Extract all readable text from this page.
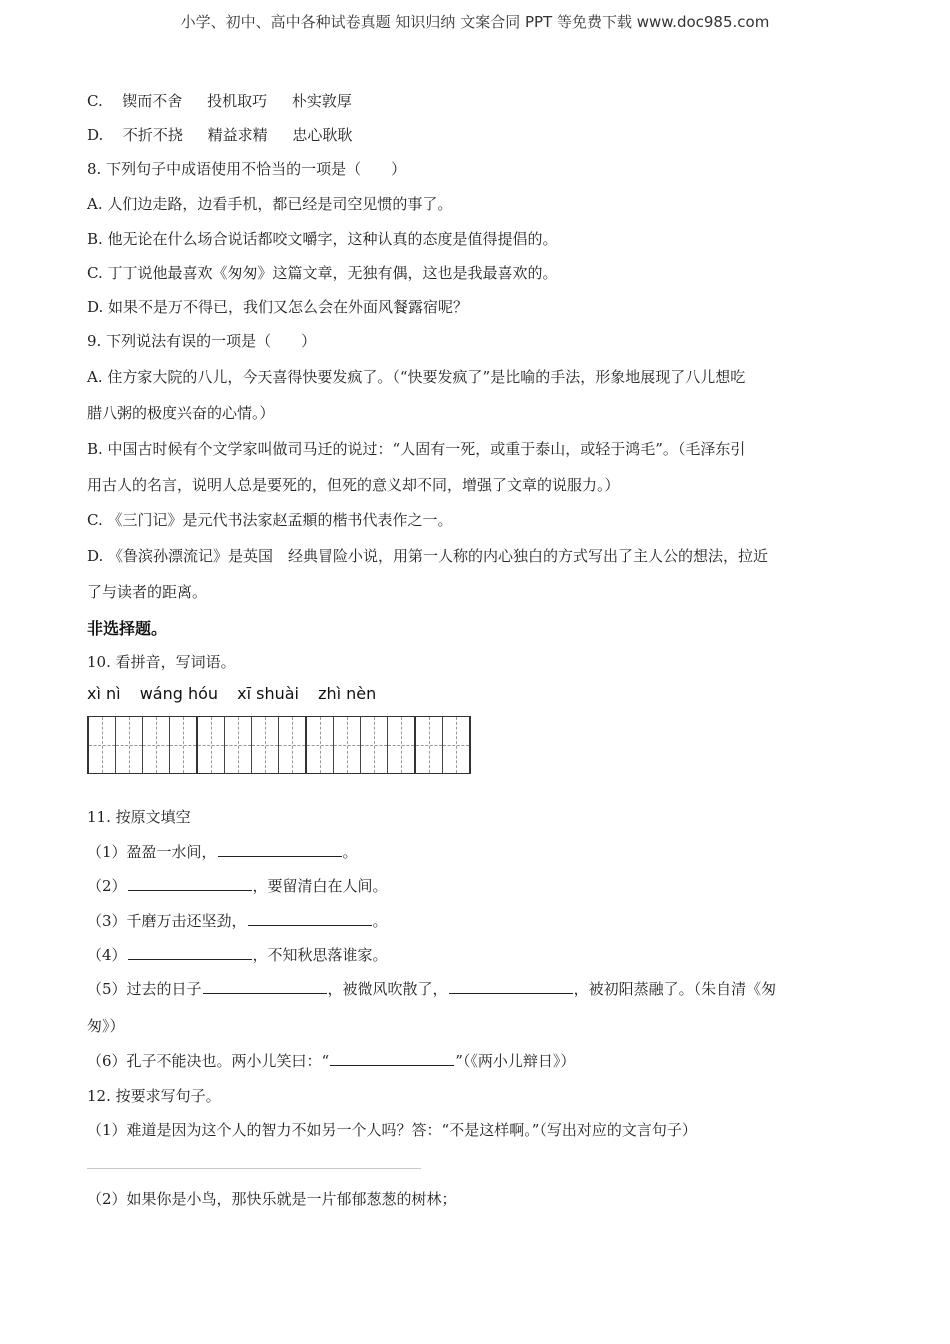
小学、初中、高中各种试卷真题 知识归纳 文案合同 PPT 等免费下载 www.doc985.com
C. 锲而不舍 投机取巧 朴实敦厚
D. 不折不挠 精益求精 忠心耿耿
8. 下列句子中成语使用不恰当的一项是（　　）
A. 人们边走路，边看手机，都已经是司空见惯的事了。
B. 他无论在什么场合说话都咬文嚼字，这种认真的态度是值得提倡的。
C. 丁丁说他最喜欢《匆匆》这篇文章，无独有偶，这也是我最喜欢的。
D. 如果不是万不得已，我们又怎么会在外面风餐露宿呢？
9. 下列说法有误的一项是（　　）
A. 住方家大院的八儿，今天喜得快要发疯了。（“快要发疯了”是比喻的手法，形象地展现了八儿想吃
腊八粥的极度兴奋的心情。）
B. 中国古时候有个文学家叫做司马迁的说过：“人固有一死，或重于泰山，或轻于鸿毛”。（毛泽东引
用古人的名言，说明人总是要死的，但死的意义却不同，增强了文章的说服力。）
C. 《三门记》是元代书法家赵孟頫的楷书代表作之一。
D. 《鲁滨孙漂流记》是英国　经典冒险小说，用第一人称的内心独白的方式写出了主人公的想法，拉近
了与读者的距离。
非选择题。
10. 看拼音，写词语。
xì nì wáng hóu xī shuài zhì nèn
11. 按原文填空
（1）盈盈一水间，	。
（2）	，要留清白在人间。
（3）千磨万击还坚劲，	。
（4）	，不知秋思落谁家。
（5）过去的日子	，被微风吹散了，	，被初阳蒸融了。（朱自清《匆
匆》）
（6）孔子不能决也。两小儿笑曰：“	”（《两小儿辩日》）
12. 按要求写句子。
（1）难道是因为这个人的智力不如另一个人吗？答：“不是这样啊。”（写出对应的文言句子）
（2）如果你是小鸟，那快乐就是一片郁郁葱葱的树林；
